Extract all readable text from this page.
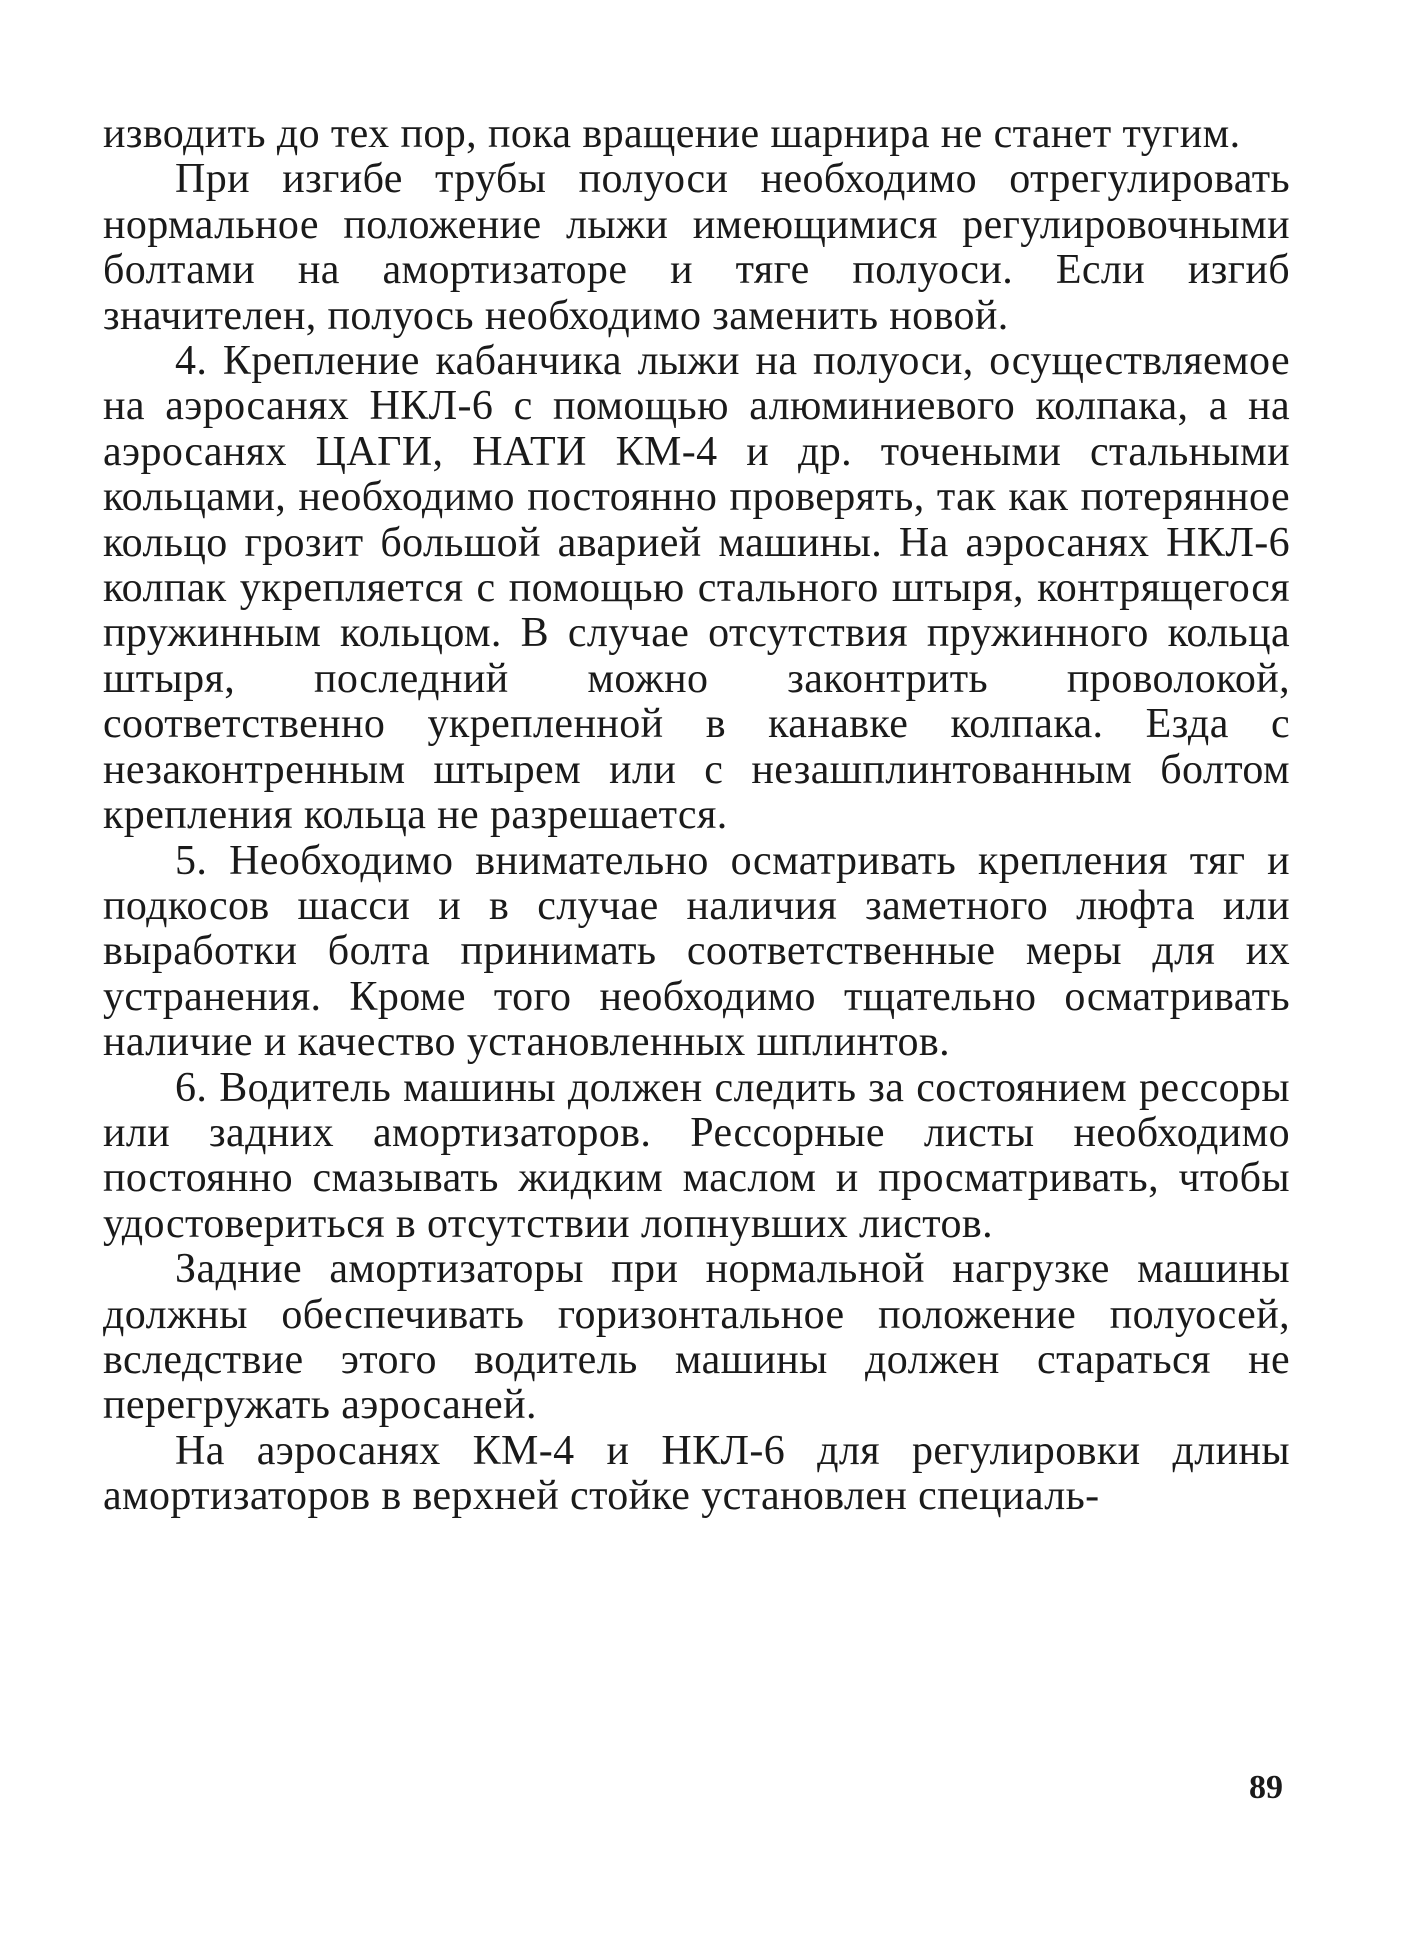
изводить до тех пор, пока вращение шарнира не станет тугим.

При изгибе трубы полуоси необходимо отрегулировать нормальное положение лыжи имеющимися регулировочными болтами на амортизаторе и тяге полуоси. Если изгиб значителен, полуось необходимо заменить новой.

4. Крепление кабанчика лыжи на полуоси, осуществляемое на аэросанях НКЛ-6 с помощью алюминиевого колпака, а на аэросанях ЦАГИ, НАТИ КМ-4 и др. точеными стальными кольцами, необходимо постоянно проверять, так как потерянное кольцо грозит большой аварией машины. На аэросанях НКЛ-6 колпак укрепляется с помощью стального штыря, контрящегося пружинным кольцом. В случае отсутствия пружинного кольца штыря, последний можно законтрить проволокой, соответственно укрепленной в канавке колпака. Езда с незаконтренным штырем или с незашплинтованным болтом крепления кольца не разрешается.

5. Необходимо внимательно осматривать крепления тяг и подкосов шасси и в случае наличия заметного люфта или выработки болта принимать соответственные меры для их устранения. Кроме того необходимо тщательно осматривать наличие и качество установленных шплинтов.

6. Водитель машины должен следить за состоянием рессоры или задних амортизаторов. Рессорные листы необходимо постоянно смазывать жидким маслом и просматривать, чтобы удостовериться в отсутствии лопнувших листов.

Задние амортизаторы при нормальной нагрузке машины должны обеспечивать горизонтальное положение полуосей, вследствие этого водитель машины должен стараться не перегружать аэросаней.

На аэросанях КМ-4 и НКЛ-6 для регулировки длины амортизаторов в верхней стойке установлен специаль-

89
